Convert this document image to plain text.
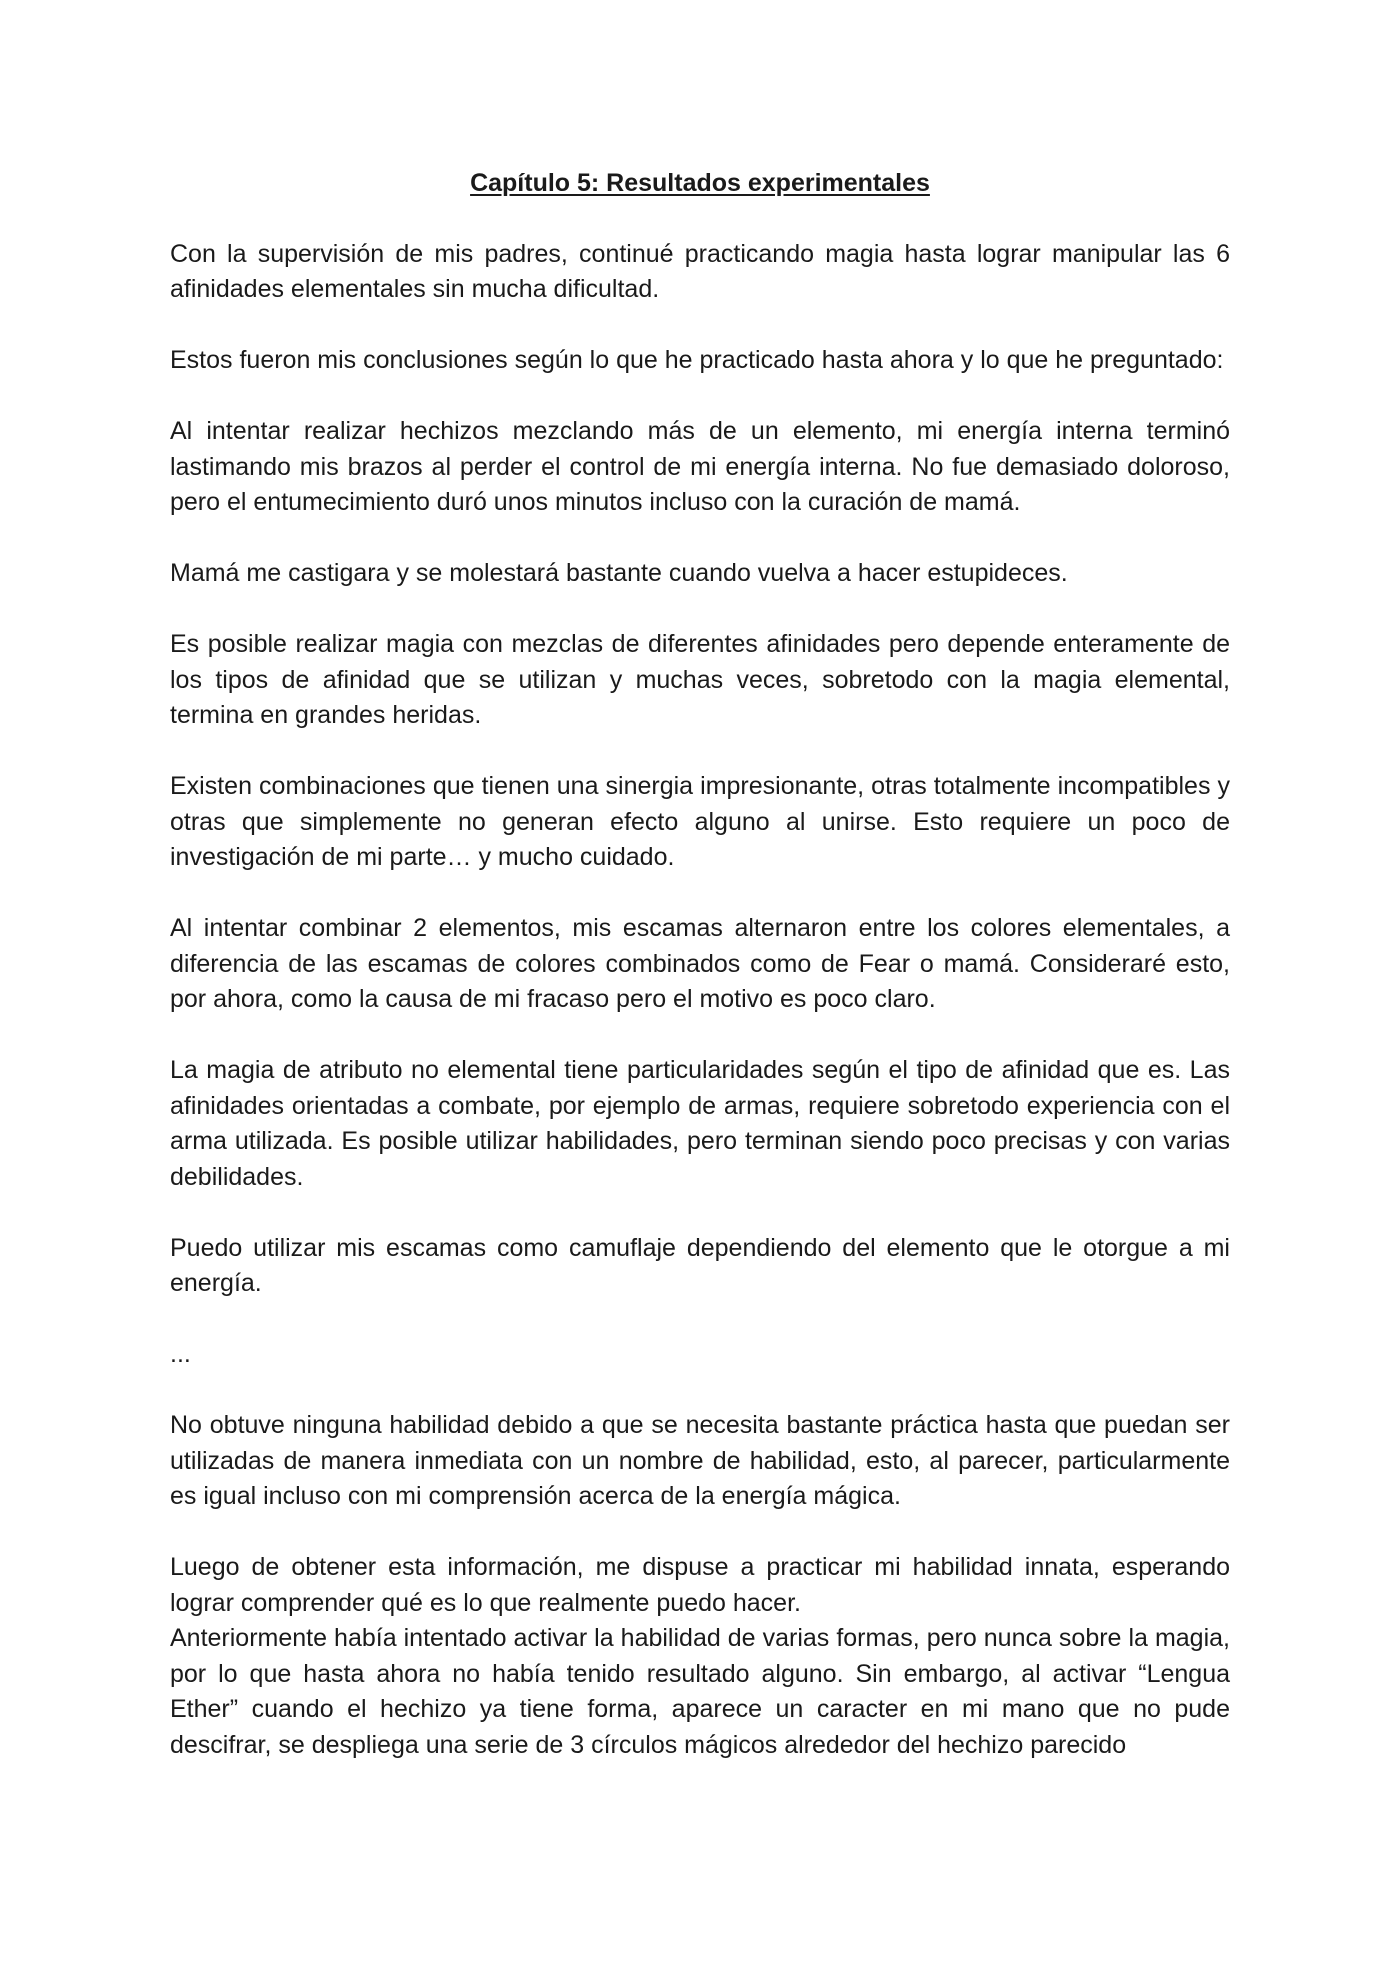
Capítulo 5: Resultados experimentales

Con la supervisión de mis padres, continué practicando magia hasta lograr manipular las 6 afinidades elementales sin mucha dificultad.

Estos fueron mis conclusiones según lo que he practicado hasta ahora y lo que he preguntado:

Al intentar realizar hechizos mezclando más de un elemento, mi energía interna terminó lastimando mis brazos al perder el control de mi energía interna. No fue demasiado doloroso, pero el entumecimiento duró unos minutos incluso con la curación de mamá.

Mamá me castigara y se molestará bastante cuando vuelva a hacer estupideces.

Es posible realizar magia con mezclas de diferentes afinidades pero depende enteramente de los tipos de afinidad que se utilizan y muchas veces, sobretodo con la magia elemental, termina en grandes heridas.

Existen combinaciones que tienen una sinergia impresionante, otras totalmente incompatibles y otras que simplemente no generan efecto alguno al unirse. Esto requiere un poco de investigación de mi parte… y mucho cuidado.

Al intentar combinar 2 elementos, mis escamas alternaron entre los colores elementales, a diferencia de las escamas de colores combinados como de Fear o mamá. Consideraré esto, por ahora, como la causa de mi fracaso pero el motivo es poco claro.

La magia de atributo no elemental tiene particularidades según el tipo de afinidad que es. Las afinidades orientadas a combate, por ejemplo de armas, requiere sobretodo experiencia con el arma utilizada. Es posible utilizar habilidades, pero terminan siendo poco precisas y con varias debilidades.

Puedo utilizar mis escamas como camuflaje dependiendo del elemento que le otorgue a mi energía.

...

No obtuve ninguna habilidad debido a que se necesita bastante práctica hasta que puedan ser utilizadas de manera inmediata con un nombre de habilidad, esto, al parecer, particularmente es igual incluso con mi comprensión acerca de la energía mágica.

Luego de obtener esta información, me dispuse a practicar mi habilidad innata, esperando lograr comprender qué es lo que realmente puedo hacer.

Anteriormente había intentado activar la habilidad de varias formas, pero nunca sobre la magia, por lo que hasta ahora no había tenido resultado alguno. Sin embargo, al activar “Lengua Ether” cuando el hechizo ya tiene forma, aparece un caracter en mi mano que no pude descifrar, se despliega una serie de 3 círculos mágicos alrededor del hechizo parecido
